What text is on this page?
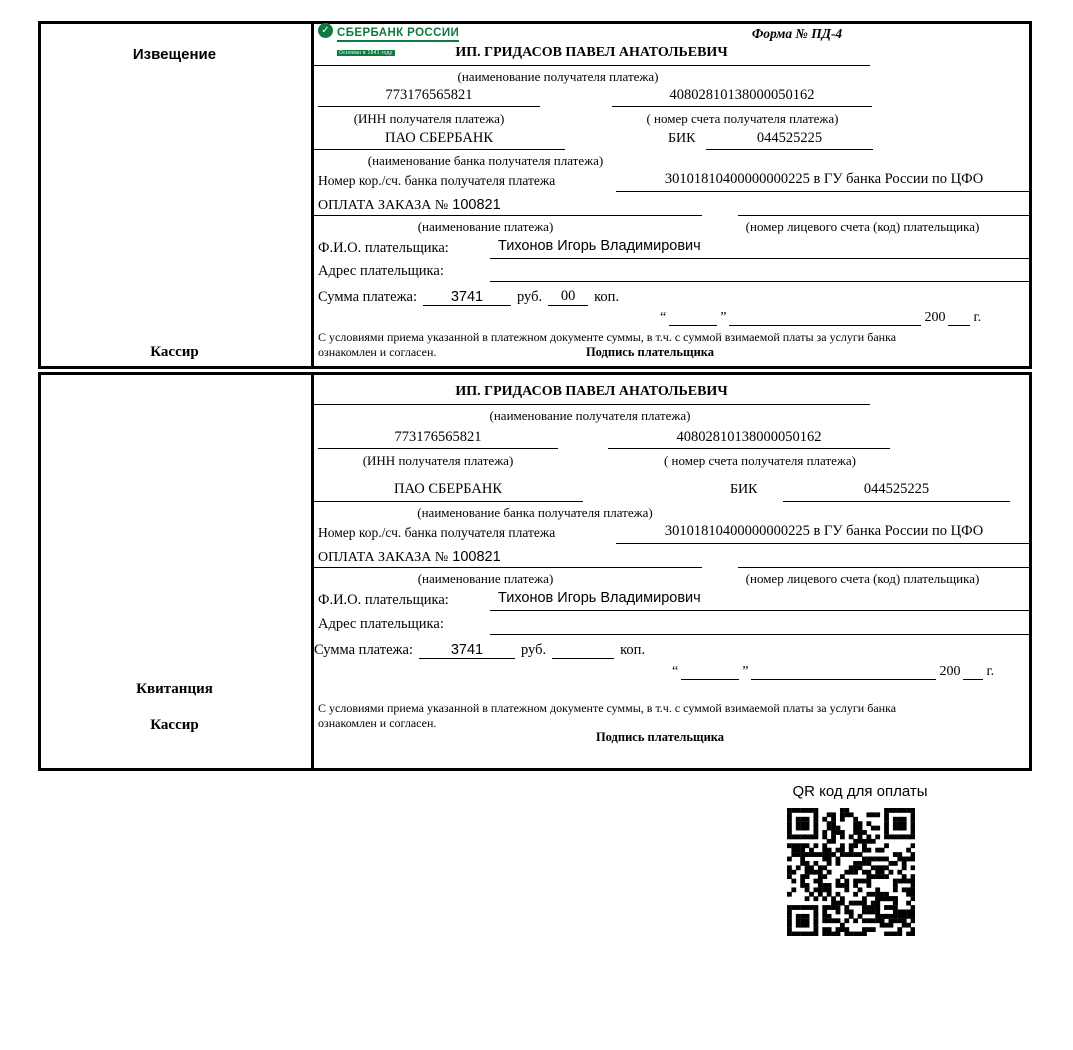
Извещение
Кассир
✓ СБЕРБАНК РОССИИ
Основан в 1841 году
Форма № ПД-4
ИП. ГРИДАСОВ ПАВЕЛ АНАТОЛЬЕВИЧ
(наименование получателя платежа)
773176565821	40802810138000050162
(ИНН получателя платежа)	( номер счета получателя платежа)
ПАО СБЕРБАНК	БИК	044525225
(наименование банка получателя платежа)
Номер кор./сч. банка получателя платежа	30101810400000000225 в ГУ банка России по ЦФО
ОПЛАТА ЗАКАЗА № 100821
(наименование платежа)	(номер лицевого счета (код) плательщика)
Ф.И.О. плательщика:	Тихонов Игорь Владимирович
Адрес плательщика:
Сумма платежа:	3741	руб.	00	коп.
“	”	200 г.
С условиями приема указанной в платежном документе суммы, в т.ч. с суммой взимаемой платы за услуги банка
ознакомлен и согласен.	Подпись плательщика
Квитанция
Кассир
ИП. ГРИДАСОВ ПАВЕЛ АНАТОЛЬЕВИЧ
(наименование получателя платежа)
773176565821	40802810138000050162
(ИНН получателя платежа)	( номер счета получателя платежа)
ПАО СБЕРБАНК	БИК	044525225
(наименование банка получателя платежа)
Номер кор./сч. банка получателя платежа	30101810400000000225 в ГУ банка России по ЦФО
ОПЛАТА ЗАКАЗА № 100821
(наименование платежа)	(номер лицевого счета (код) плательщика)
Ф.И.О. плательщика:	Тихонов Игорь Владимирович
Адрес плательщика:
Сумма платежа:	3741	руб.	коп.
“	”	200 г.
С условиями приема указанной в платежном документе суммы, в т.ч. с суммой взимаемой платы за услуги банка
ознакомлен и согласен.
Подпись плательщика
QR код для оплаты
